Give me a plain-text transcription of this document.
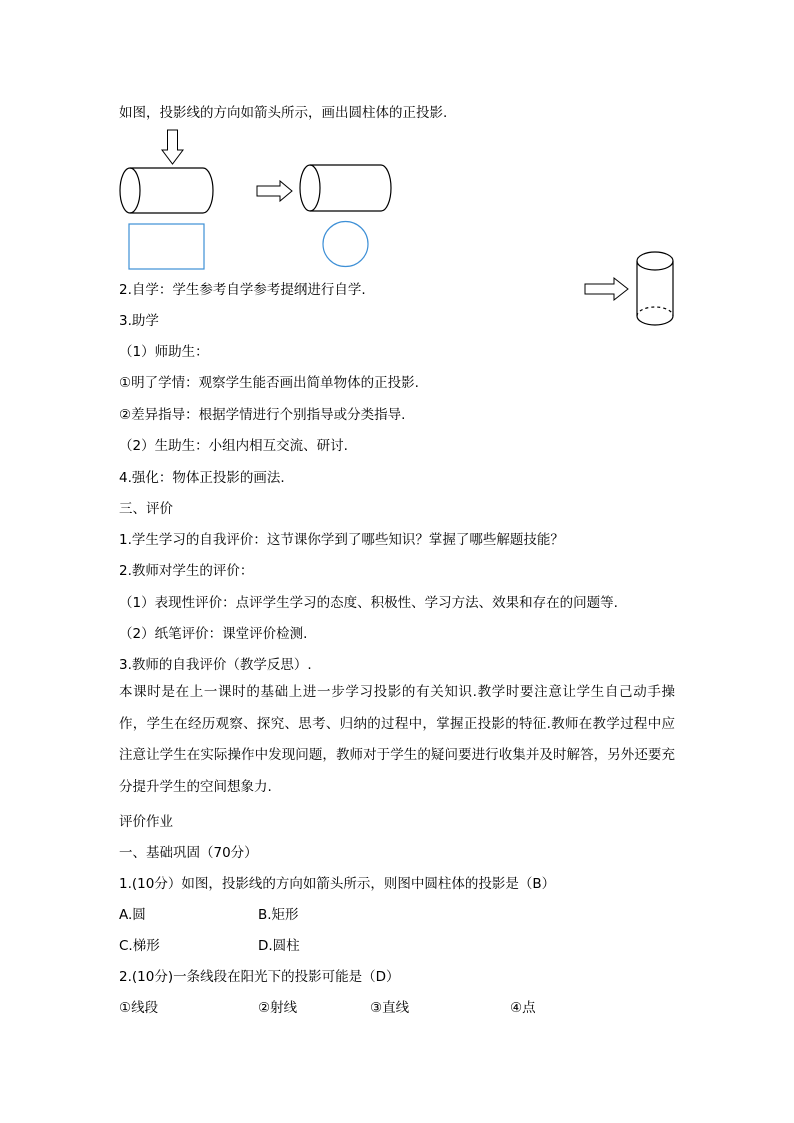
如图，投影线的方向如箭头所示，画出圆柱体的正投影.
2.自学：学生参考自学参考提纲进行自学.
3.助学
（1）师助生：
①明了学情：观察学生能否画出简单物体的正投影.
②差异指导：根据学情进行个别指导或分类指导.
（2）生助生：小组内相互交流、研讨.
4.强化：物体正投影的画法.
三、评价
1.学生学习的自我评价：这节课你学到了哪些知识？掌握了哪些解题技能？
2.教师对学生的评价：
（1）表现性评价：点评学生学习的态度、积极性、学习方法、效果和存在的问题等.
（2）纸笔评价：课堂评价检测.
3.教师的自我评价（教学反思）.
本课时是在上一课时的基础上进一步学习投影的有关知识.教学时要注意让学生自己动手操作，学生在经历观察、探究、思考、归纳的过程中，掌握正投影的特征.教师在教学过程中应注意让学生在实际操作中发现问题，教师对于学生的疑问要进行收集并及时解答，另外还要充分提升学生的空间想象力.
评价作业
一、基础巩固（70分）
1.(10分）如图，投影线的方向如箭头所示，则图中圆柱体的投影是（B）
A.圆	B.矩形
C.梯形	D.圆柱
2.(10分)一条线段在阳光下的投影可能是（D）
①线段	②射线	③直线	④点
